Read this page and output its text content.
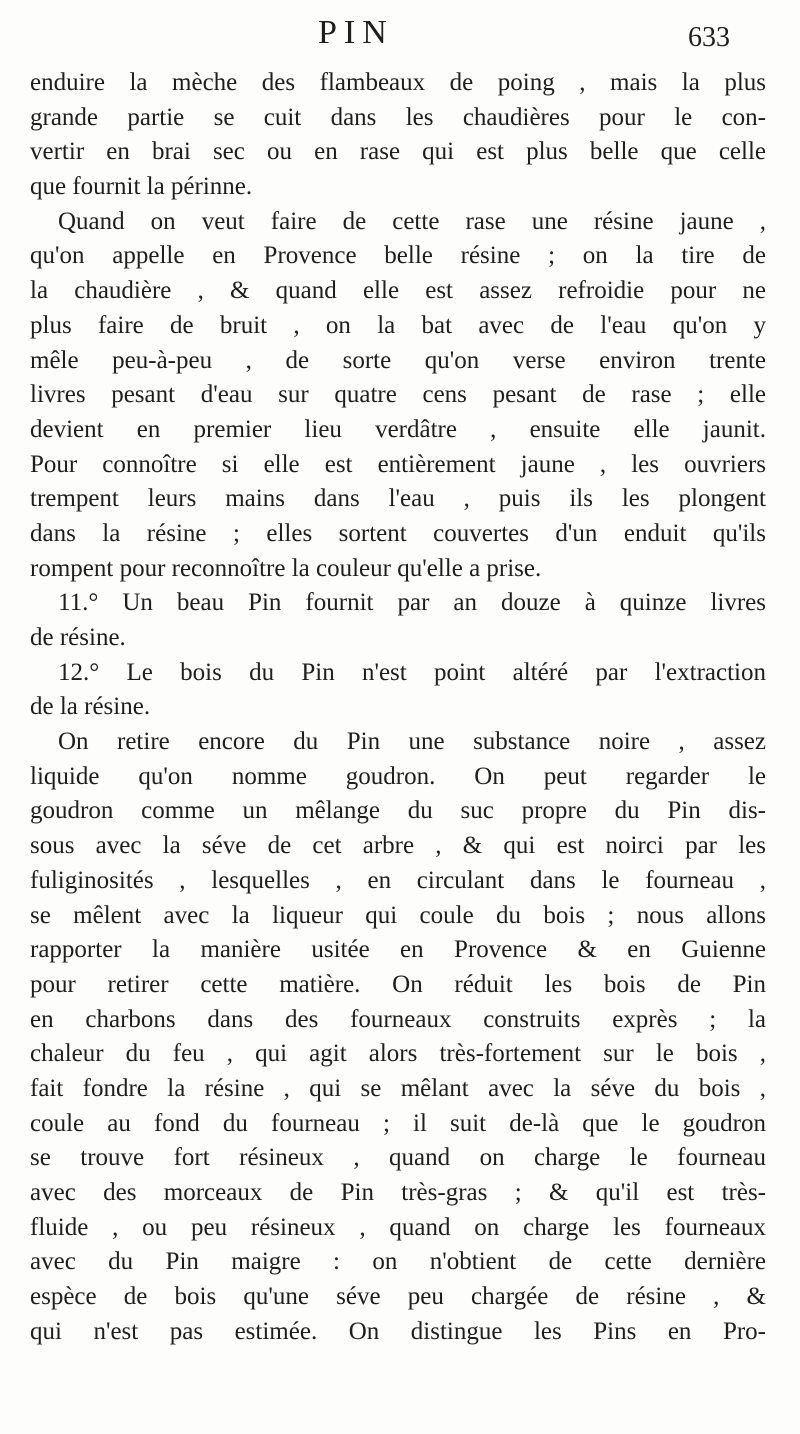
PIN	633
enduire la mèche des flambeaux de poing , mais la plus
grande partie se cuit dans les chaudières pour le con-
vertir en brai sec ou en rase qui est plus belle que celle
que fournit la périnne.
Quand on veut faire de cette rase une résine jaune ,
qu'on appelle en Provence belle résine ; on la tire de
la chaudière , & quand elle est assez refroidie pour ne
plus faire de bruit , on la bat avec de l'eau qu'on y
mêle peu-à-peu , de sorte qu'on verse environ trente
livres pesant d'eau sur quatre cens pesant de rase ; elle
devient en premier lieu verdâtre , ensuite elle jaunit.
Pour connoître si elle est entièrement jaune , les ouvriers
trempent leurs mains dans l'eau , puis ils les plongent
dans la résine ; elles sortent couvertes d'un enduit qu'ils
rompent pour reconnoître la couleur qu'elle a prise.
11.° Un beau Pin fournit par an douze à quinze livres
de résine.
12.° Le bois du Pin n'est point altéré par l'extraction
de la résine.
On retire encore du Pin une substance noire , assez
liquide qu'on nomme goudron. On peut regarder le
goudron comme un mêlange du suc propre du Pin dis-
sous avec la séve de cet arbre , & qui est noirci par les
fuliginosités , lesquelles , en circulant dans le fourneau ,
se mêlent avec la liqueur qui coule du bois ; nous allons
rapporter la manière usitée en Provence & en Guienne
pour retirer cette matière. On réduit les bois de Pin
en charbons dans des fourneaux construits exprès ; la
chaleur du feu , qui agit alors très-fortement sur le bois ,
fait fondre la résine , qui se mêlant avec la séve du bois ,
coule au fond du fourneau ; il suit de-là que le goudron
se trouve fort résineux , quand on charge le fourneau
avec des morceaux de Pin très-gras ; & qu'il est très-
fluide , ou peu résineux , quand on charge les fourneaux
avec du Pin maigre : on n'obtient de cette dernière
espèce de bois qu'une séve peu chargée de résine , &
qui n'est pas estimée. On distingue les Pins en Pro-
